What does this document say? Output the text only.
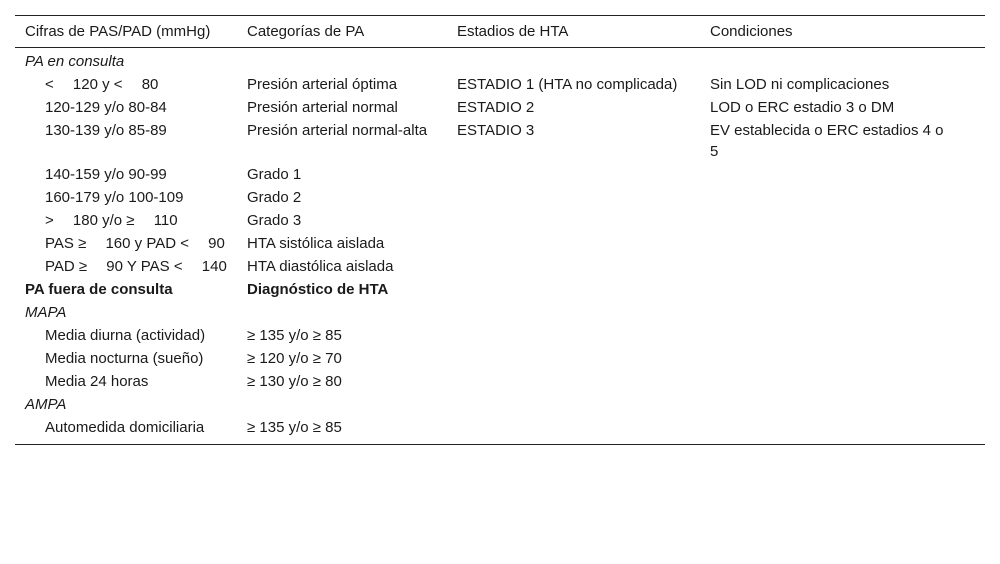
Cifras de PAS/PAD (mmHg)	Categorías de PA	Estadios de HTA	Condiciones
PA en consulta
<  120 y <  80	Presión arterial óptima	ESTADIO 1 (HTA no complicada)	Sin LOD ni complicaciones
120-129 y/o 80-84	Presión arterial normal	ESTADIO 2	LOD o ERC estadio 3 o DM
130-139 y/o 85-89	Presión arterial normal-alta	ESTADIO 3	EV establecida o ERC estadios 4 o 5
140-159 y/o 90-99	Grado 1
160-179 y/o 100-109	Grado 2
>  180 y/o ≥  110	Grado 3
PAS ≥  160 y PAD <  90	HTA sistólica aislada
PAD ≥  90 Y PAS <  140	HTA diastólica aislada
PA fuera de consulta	Diagnóstico de HTA
MAPA
Media diurna (actividad)	≥ 135 y/o ≥ 85
Media nocturna (sueño)	≥ 120 y/o ≥ 70
Media 24 horas	≥ 130 y/o ≥ 80
AMPA
Automedida domiciliaria	≥ 135 y/o ≥ 85
